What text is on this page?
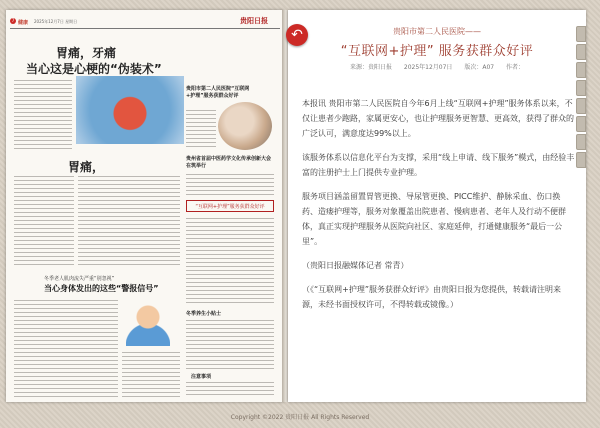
7 健康 2025年12月7日 星期日	贵阳日报
胃痛，牙痛
当心这是心梗的“伪装术”
胃痛，
冬季老人肌肉流失严重“别忽视”
当心身体发出的这些“警报信号”
贵阳市第二人民医院“互联网+护理”服务获群众好评
贵州省首届中医药学文化传承创新大会在筑举行
“互联网+护理”服务获群众好评
冬季养生小贴士
注意事项
贵阳市第二人民医院——
“互联网+护理” 服务获群众好评
来源：贵阳日报 2025年12月07日 版次：A07 作者：

本报讯 贵阳市第二人民医院自今年6月上线“互联网+护理”服务体系以来，不仅让患者少跑路，家属更安心，也让护理服务更智慧、更高效，获得了群众的广泛认可，满意度达99%以上。

该服务体系以信息化平台为支撑，采用“线上申请、线下服务”模式，由经验丰富的注册护士上门提供专业护理。

服务项目涵盖留置胃管更换、导尿管更换、PICC维护、静脉采血、伤口换药、造瘘护理等，服务对象覆盖出院患者、慢病患者、老年人及行动不便群体，真正实现护理服务从医院向社区、家庭延伸，打通健康服务“最后一公里”。

（贵阳日报融媒体记者 常青）

（《“互联网+护理”服务获群众好评》由贵阳日报为您提供，转载请注明来源，未经书面授权许可，不得转载或镜像。）

↶
Copyright ©2022 贵阳日报 All Rights Reserved
